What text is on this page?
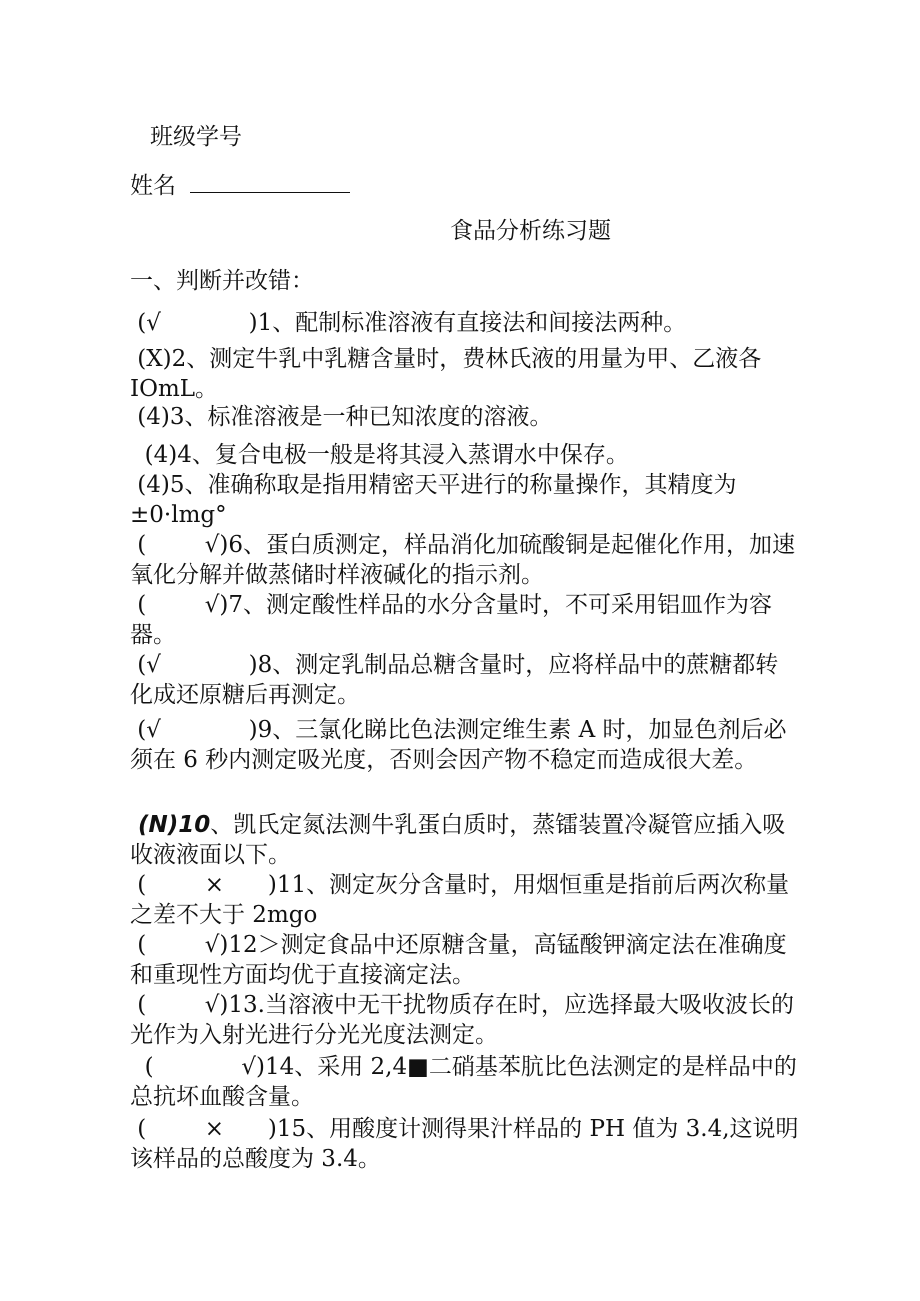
班级学号
姓名
食品分析练习题
一、判断并改错：
(√            )1、配制标准溶液有直接法和间接法两种。
(X)2、测定牛乳中乳糖含量时，费林氏液的用量为甲、乙液各 IOmL。
(4)3、标准溶液是一种已知浓度的溶液。
(4)4、复合电极一般是将其浸入蒸谓水中保存。
(4)5、准确称取是指用精密天平进行的称量操作，其精度为±0·lmg°
(        √)6、蛋白质测定，样品消化加硫酸铜是起催化作用，加速氧化分解并做蒸储时样液碱化的指示剂。
(        √)7、测定酸性样品的水分含量时，不可采用铝皿作为容器。
(√            )8、测定乳制品总糖含量时，应将样品中的蔗糖都转化成还原糖后再测定。
(√            )9、三氯化睇比色法测定维生素 A 时，加显色剂后必须在 6 秒内测定吸光度，否则会因产物不稳定而造成很大差。
(N)10、凯氏定氮法测牛乳蛋白质时，蒸镭装置冷凝管应插入吸收液液面以下。
(        ×      )11、测定灰分含量时，用烟恒重是指前后两次称量之差不大于 2mgo
(        √)12＞测定食品中还原糖含量，高锰酸钾滴定法在准确度和重现性方面均优于直接滴定法。
(        √)13.当溶液中无干扰物质存在时，应选择最大吸收波长的光作为入射光进行分光光度法测定。
(            √)14、采用 2,4■二硝基苯肮比色法测定的是样品中的总抗坏血酸含量。
(        ×      )15、用酸度计测得果汁样品的 PH 值为 3.4,这说明该样品的总酸度为 3.4。
